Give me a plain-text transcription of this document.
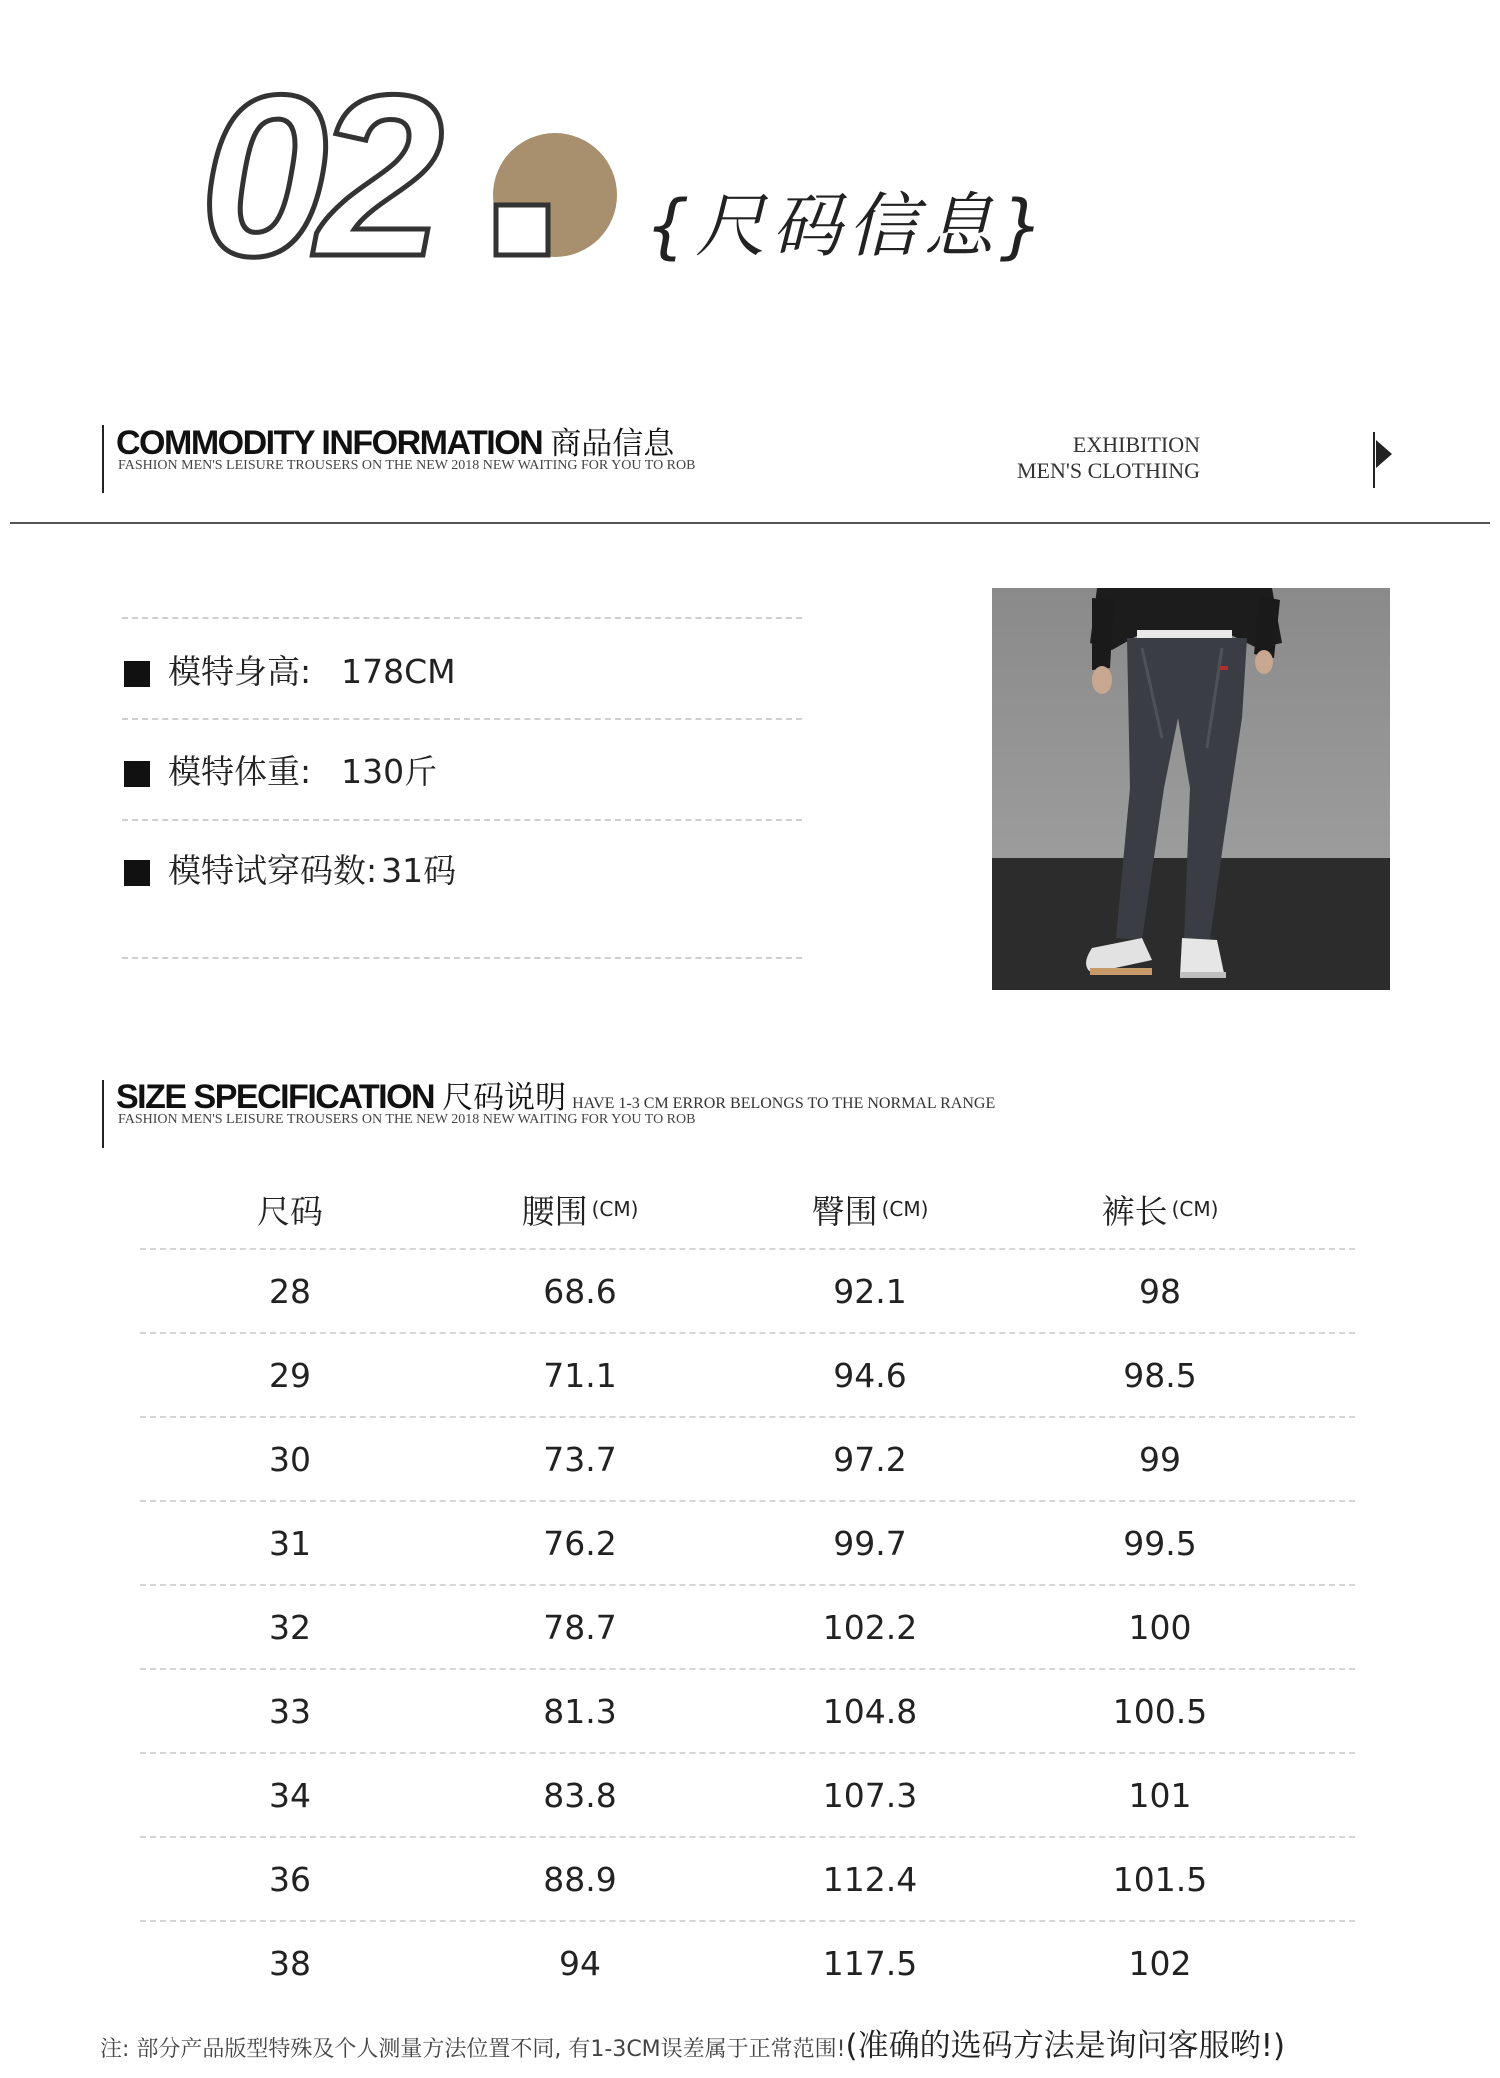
02	{尺码信息}
COMMODITY INFORMATION 商品信息
FASHION MEN'S LEISURE TROUSERS ON THE NEW 2018 NEW WAITING FOR YOU TO ROB
EXHIBITION
MEN'S CLOTHING
模特身高: 178CM
模特体重: 130斤
模特试穿码数: 31码
SIZE SPECIFICATION 尺码说明 HAVE 1-3 CM ERROR BELONGS TO THE NORMAL RANGE
FASHION MEN'S LEISURE TROUSERS ON THE NEW 2018 NEW WAITING FOR YOU TO ROB
尺码	腰围 (CM)	臀围 (CM)	裤长 (CM)
28	68.6	92.1	98
29	71.1	94.6	98.5
30	73.7	97.2	99
31	76.2	99.7	99.5
32	78.7	102.2	100
33	81.3	104.8	100.5
34	83.8	107.3	101
36	88.9	112.4	101.5
38	94	117.5	102
注: 部分产品版型特殊及个人测量方法位置不同, 有1-3CM误差属于正常范围!(准确的选码方法是询问客服哟!)
